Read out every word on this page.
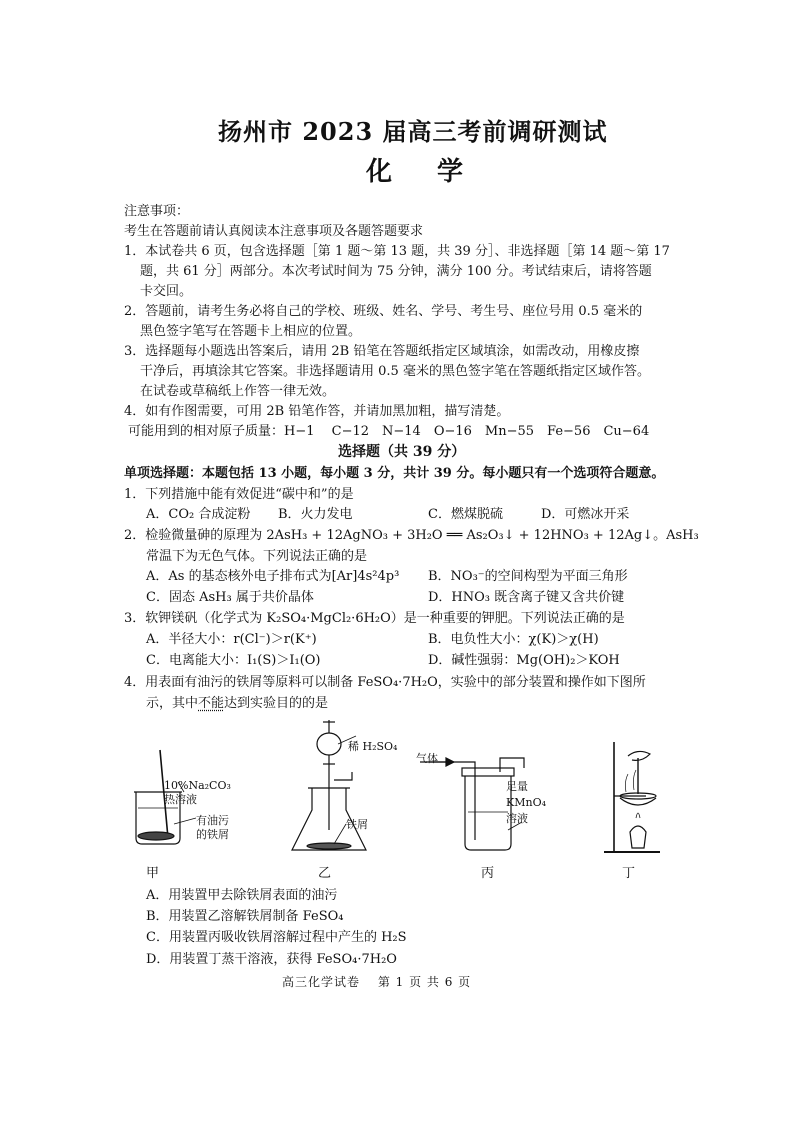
扬州市 2023 届高三考前调研测试
化 学
注意事项：
考生在答题前请认真阅读本注意事项及各题答题要求
1．本试卷共 6 页，包含选择题［第 1 题～第 13 题，共 39 分］、非选择题［第 14 题～第 17
题，共 61 分］两部分。本次考试时间为 75 分钟，满分 100 分。考试结束后，请将答题
卡交回。
2．答题前，请考生务必将自己的学校、班级、姓名、学号、考生号、座位号用 0.5 毫米的
黑色签字笔写在答题卡上相应的位置。
3．选择题每小题选出答案后，请用 2B 铅笔在答题纸指定区域填涂，如需改动，用橡皮擦
干净后，再填涂其它答案。非选择题请用 0.5 毫米的黑色签字笔在答题纸指定区域作答。
在试卷或草稿纸上作答一律无效。
4．如有作图需要，可用 2B 铅笔作答，并请加黑加粗，描写清楚。
可能用到的相对原子质量：H−1　 C−12　N−14　O−16　Mn−55　Fe−56　Cu−64
选择题（共 39 分）
单项选择题：本题包括 13 小题，每小题 3 分，共计 39 分。每小题只有一个选项符合题意。
1．下列措施中能有效促进“碳中和”的是
A．CO₂ 合成淀粉 B．火力发电	C．燃煤脱硫	D．可燃冰开采
2．检验微量砷的原理为 2AsH₃ + 12AgNO₃ + 3H₂O ══ As₂O₃↓ + 12HNO₃ + 12Ag↓。AsH₃
常温下为无色气体。下列说法正确的是
A．As 的基态核外电子排布式为[Ar]4s²4p³ B．NO₃⁻的空间构型为平面三角形
C．固态 AsH₃ 属于共价晶体	D．HNO₃ 既含离子键又含共价键
3．软钾镁矾（化学式为 K₂SO₄·MgCl₂·6H₂O）是一种重要的钾肥。下列说法正确的是
A．半径大小：r(Cl⁻)＞r(K⁺)	B．电负性大小：χ(K)＞χ(H)
C．电离能大小：I₁(S)＞I₁(O)	D．碱性强弱：Mg(OH)₂＞KOH
4．用表面有油污的铁屑等原料可以制备 FeSO₄·7H₂O，实验中的部分装置和操作如下图所
示，其中不能达到实验目的的是
10%Na₂CO₃
热溶液
有油污
的铁屑
稀 H₂SO₄
铁屑
气体
足量
KMnO₄
溶液
甲	乙	丙	丁
A．用装置甲去除铁屑表面的油污
B．用装置乙溶解铁屑制备 FeSO₄
C．用装置丙吸收铁屑溶解过程中产生的 H₂S
D．用装置丁蒸干溶液，获得 FeSO₄·7H₂O
高三化学试卷　 第 1 页 共 6 页
